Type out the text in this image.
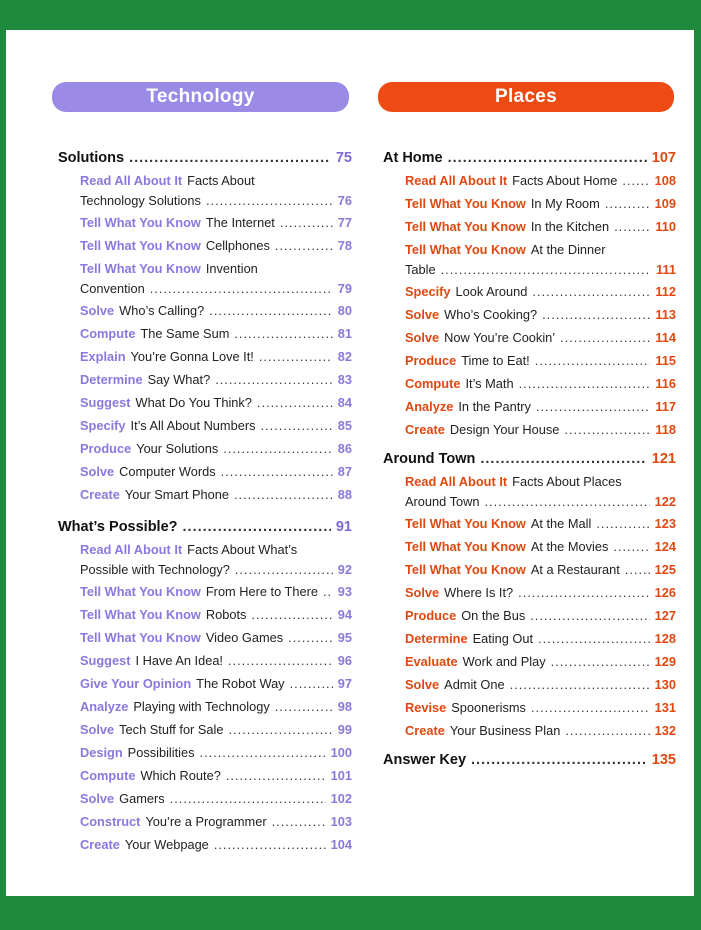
Technology	Places
Solutions .....	75
Read All About It Facts About
Technology Solutions .....	76
Tell What You Know The Internet .....	77
Tell What You Know Cellphones .....	78
Tell What You Know Invention
Convention .....	79
Solve Who’s Calling? .....	80
Compute The Same Sum .....	81
Explain You’re Gonna Love It! .....	82
Determine Say What? .....	83
Suggest What Do You Think? .....	84
Specify It’s All About Numbers .....	85
Produce Your Solutions .....	86
Solve Computer Words .....	87
Create Your Smart Phone .....	88
What’s Possible? .....	91
Read All About It Facts About What’s
Possible with Technology? .....	92
Tell What You Know From Here to There ..... 93
Tell What You Know Robots .....	94
Tell What You Know Video Games .....	95
Suggest I Have An Idea! .....	96
Give Your Opinion The Robot Way .....	97
Analyze Playing with Technology .....	98
Solve Tech Stuff for Sale .....	99
Design Possibilities .....	100
Compute Which Route? .....	101
Solve Gamers .....	102
Construct You’re a Programmer .....	103
Create Your Webpage .....	104
At Home .....	107
Read All About It Facts About Home .....	108
Tell What You Know In My Room .....	109
Tell What You Know In the Kitchen .....	110
Tell What You Know At the Dinner
Table .....	111
Specify Look Around .....	112
Solve Who’s Cooking? .....	113
Solve Now You’re Cookin’ .....	114
Produce Time to Eat! .....	115
Compute It’s Math .....	116
Analyze In the Pantry .....	117
Create Design Your House .....	118
Around Town .....	121
Read All About It Facts About Places
Around Town .....	122
Tell What You Know At the Mall .....	123
Tell What You Know At the Movies .....	124
Tell What You Know At a Restaurant .....	125
Solve Where Is It? .....	126
Produce On the Bus .....	127
Determine Eating Out .....	128
Evaluate Work and Play .....	129
Solve Admit One .....	130
Revise Spoonerisms .....	131
Create Your Business Plan .....	132
Answer Key .....	135
